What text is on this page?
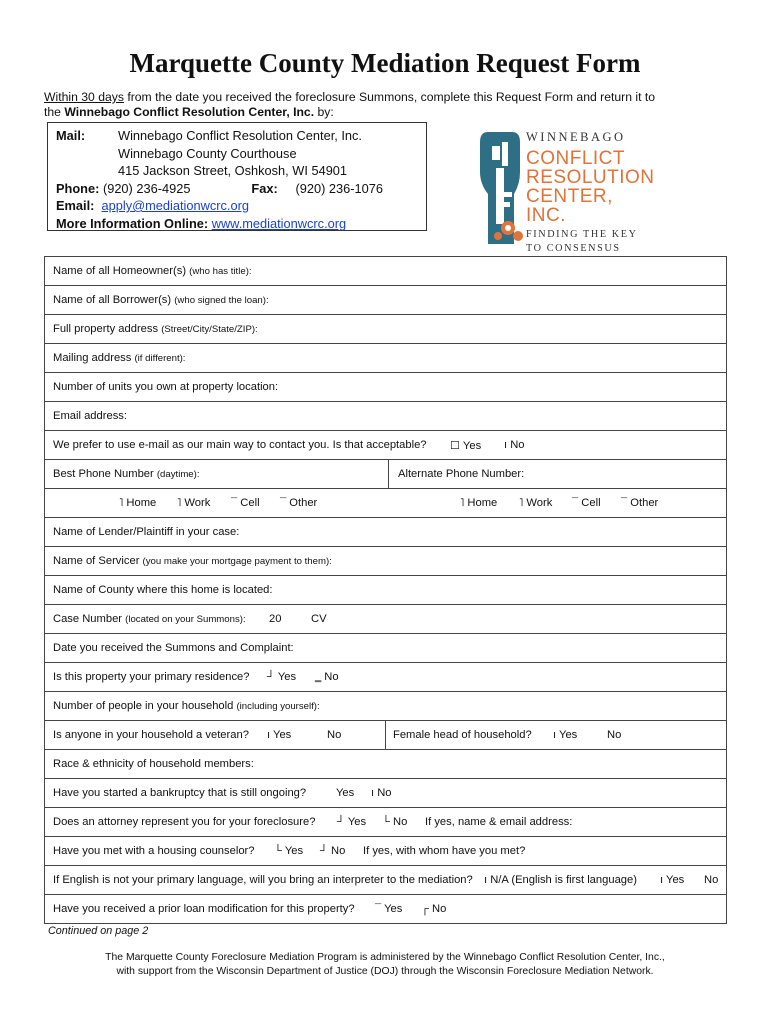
Marquette County Mediation Request Form
Within 30 days from the date you received the foreclosure Summons, complete this Request Form and return it to
the Winnebago Conflict Resolution Center, Inc. by:
Mail:	Winnebago Conflict Resolution Center, Inc.
Winnebago County Courthouse
415 Jackson Street, Oshkosh, WI 54901
Phone:
(920) 236-4925
	Fax:
(920) 236-1076
Email:
apply@mediationwcrc.org
More Information Online:
www.mediationwcrc.org
WINNEBAGO
CONFLICT
RESOLUTION
CENTER, INC.
FINDING THE KEY
TO CONSENSUS
Name of all Homeowner(s) (who has title):
Name of all Borrower(s) (who signed the loan):
Full property address (Street/City/State/ZIP):
Mailing address (if different):
Number of units you own at property location:
Email address:
We prefer to use e-mail as our main way to contact you. Is that acceptable? ☐ Yes ı No
Best Phone Number (daytime):	Alternate Phone Number:
˥ Home ˥ Work ¯ Cell ¯ Other	˥ Home ˥ Work ¯ Cell ¯ Other
Name of Lender/Plaintiff in your case:
Name of Servicer (you make your mortgage payment to them):
Name of County where this home is located:
Case Number (located on your Summons): 20	CV
Date you received the Summons and Complaint:
Is this property your primary residence? ┘ Yes ‗ No
Number of people in your household (including yourself):
Is anyone in your household a veteran? ı Yes	No	Female head of household? ı Yes	No
Race & ethnicity of household members:
Have you started a bankruptcy that is still ongoing?	Yes ı No
Does an attorney represent you for your foreclosure? ┘ Yes └ No If yes, name & email address:
Have you met with a housing counselor? └ Yes ┘ No If yes, with whom have you met?
If English is not your primary language, will you bring an interpreter to the mediation? ı N/A (English is first language) ı Yes No
Have you received a prior loan modification for this property? ¯ Yes ┌ No
Continued on page 2
The Marquette County Foreclosure Mediation Program is administered by the Winnebago Conflict Resolution Center, Inc.,
with support from the Wisconsin Department of Justice (DOJ) through the Wisconsin Foreclosure Mediation Network.
